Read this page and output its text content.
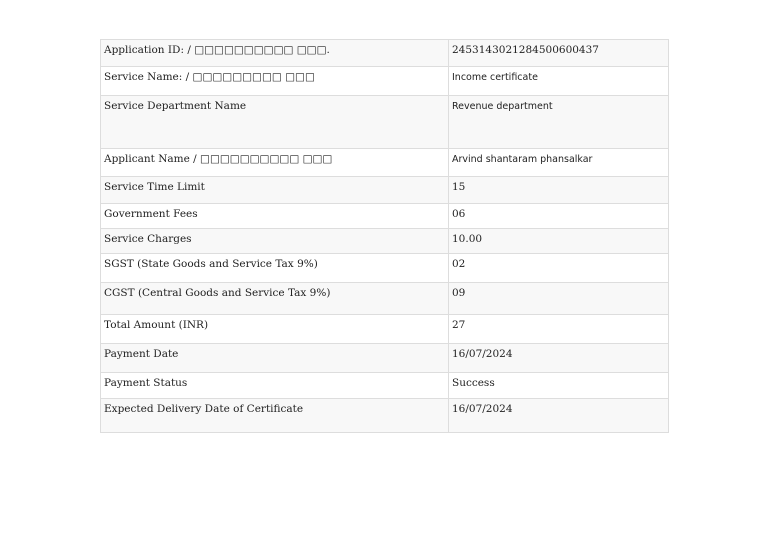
Application ID: / □□□□□□□□□□ □□□.	2453143021284500600437
Service Name: / □□□□□□□□□ □□□	Income certificate
Service Department Name	Revenue department
Applicant Name / □□□□□□□□□□ □□□	Arvind shantaram phansalkar
Service Time Limit	15
Government Fees	06
Service Charges	10.00
SGST (State Goods and Service Tax 9%)	02
CGST (Central Goods and Service Tax 9%)	09
Total Amount (INR)	27
Payment Date	16/07/2024
Payment Status	Success
Expected Delivery Date of Certificate	16/07/2024
